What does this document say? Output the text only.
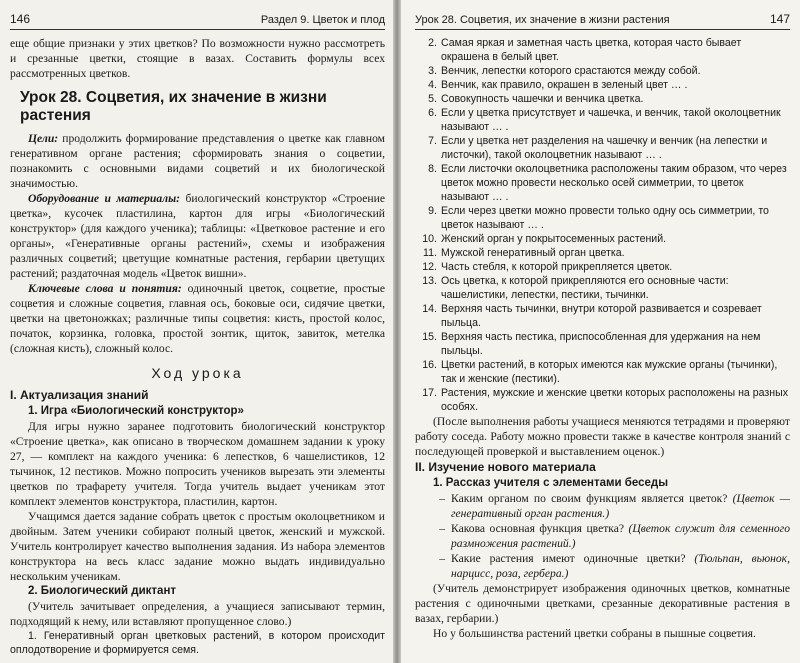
146	Раздел 9. Цветок и плод

еще общие признаки у этих цветков? По возможности нужно рассмотреть и срезанные цветки, стоящие в вазах. Составить формулы всех рассмотренных цветков.

Урок 28. Соцветия, их значение в жизни растения

Цели: продолжить формирование представления о цветке как главном генеративном органе растения; сформировать знания о соцветии, познакомить с основными видами соцветий и их биологической значимостью.

Оборудование и материалы: биологический конструктор «Строение цветка», кусочек пластилина, картон для игры «Биологический конструктор» (для каждого ученика); таблицы: «Цветковое растение и его органы», «Генеративные органы растений», схемы и изображения различных соцветий; цветущие комнатные растения, гербарии цветущих растений; раздаточная модель «Цветок вишни».

Ключевые слова и понятия: одиночный цветок, соцветие, простые соцветия и сложные соцветия, главная ось, боковые оси, сидячие цветки, цветки на цветоножках; различные типы соцветия: кисть, простой колос, початок, корзинка, головка, простой зонтик, щиток, завиток, метелка (сложная кисть), сложный колос.

Ход урока
I. Актуализация знаний
1. Игра «Биологический конструктор»

Для игры нужно заранее подготовить биологический конструктор «Строение цветка», как описано в творческом домашнем задании к уроку 27, — комплект на каждого ученика: 6 лепестков, 6 чашелистиков, 12 тычинок, 12 пестиков. Можно попросить учеников вырезать эти элементы цветков по трафарету учителя. Тогда учитель выдает ученикам этот комплект элементов конструктора, пластилин, картон.

Учащимся дается задание собрать цветок с простым околоцветником и двойным. Затем ученики собирают полный цветок, женский и мужской. Учитель контролирует качество выполнения задания. Из набора элементов конструктора на весь класс задание можно выдать индивидуально нескольким ученикам.

2. Биологический диктант

(Учитель зачитывает определения, а учащиеся записывают термин, подходящий к нему, или вставляют пропущенное слово.)

1. Генеративный орган цветковых растений, в котором происходит оплодотворение и формируется семя.

Урок 28. Соцветия, их значение в жизни растения	147
2. Самая яркая и заметная часть цветка, которая часто бывает окрашена в белый цвет.
3. Венчик, лепестки которого срастаются между собой.
4. Венчик, как правило, окрашен в зеленый цвет … .
5. Совокупность чашечки и венчика цветка.
6. Если у цветка присутствует и чашечка, и венчик, такой околоцветник называют … .
7. Если у цветка нет разделения на чашечку и венчик (на лепестки и листочки), такой околоцветник называют … .
8. Если листочки околоцветника расположены таким образом, что через цветок можно провести несколько осей симметрии, то цветок называют … .
9. Если через цветки можно провести только одну ось симметрии, то цветок называют … .
10. Женский орган у покрытосеменных растений.
11. Мужской генеративный орган цветка.
12. Часть стебля, к которой прикрепляется цветок.
13. Ось цветка, к которой прикрепляются его основные части: чашелистики, лепестки, пестики, тычинки.
14. Верхняя часть тычинки, внутри которой развивается и созревает пыльца.
15. Верхняя часть пестика, приспособленная для удержания на нем пыльцы.
16. Цветки растений, в которых имеются как мужские органы (тычинки), так и женские (пестики).
17. Растения, мужские и женские цветки которых расположены на разных особях.

(После выполнения работы учащиеся меняются тетрадями и проверяют работу соседа. Работу можно провести также в качестве контроля знаний с последующей проверкой и выставлением оценок.)

II. Изучение нового материала
1. Рассказ учителя с элементами беседы
– Каким органом по своим функциям является цветок? (Цветок — генеративный орган растения.)
– Какова основная функция цветка? (Цветок служит для семенного размножения растений.)
– Какие растения имеют одиночные цветки? (Тюльпан, вьюнок, нарцисс, роза, гербера.)

(Учитель демонстрирует изображения одиночных цветков, комнатные растения с одиночными цветками, срезанные декоративные растения в вазах, гербарии.)

Но у большинства растений цветки собраны в пышные соцветия.
